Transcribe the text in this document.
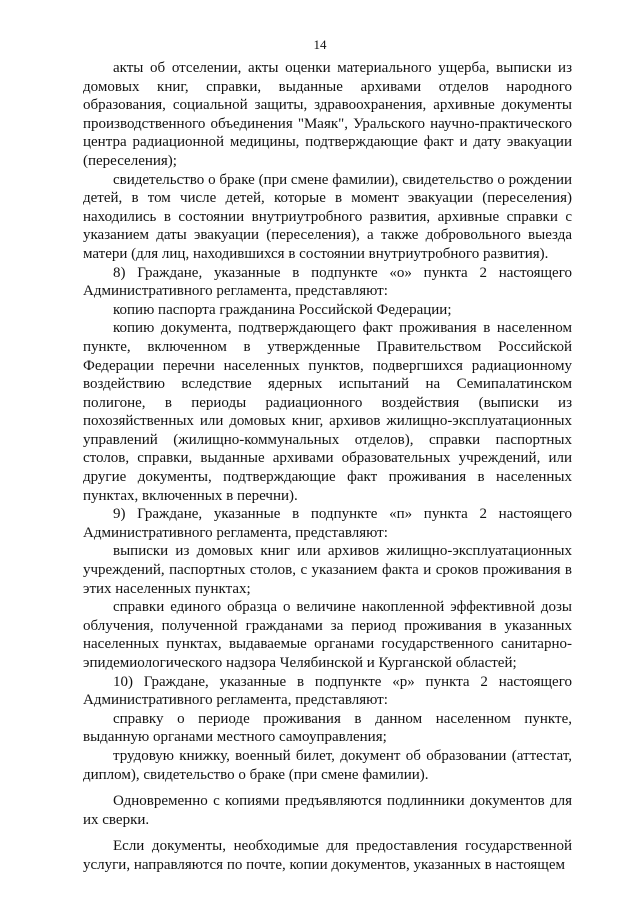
14

акты об отселении, акты оценки материального ущерба, выписки из домовых книг, справки, выданные архивами отделов народного образования, социальной защиты, здравоохранения, архивные документы производственного объединения "Маяк", Уральского научно-практического центра радиационной медицины, подтверждающие факт и дату эвакуации (переселения);

свидетельство о браке (при смене фамилии), свидетельство о рождении детей, в том числе детей, которые в момент эвакуации (переселения) находились в состоянии внутриутробного развития, архивные справки с указанием даты эвакуации (переселения), а также добровольного выезда матери (для лиц, находившихся в состоянии внутриутробного развития).

8) Граждане, указанные в подпункте «о» пункта 2 настоящего Административного регламента, представляют:

копию паспорта гражданина Российской Федерации;

копию документа, подтверждающего факт проживания в населенном пункте, включенном в утвержденные Правительством Российской Федерации перечни населенных пунктов, подвергшихся радиационному воздействию вследствие ядерных испытаний на Семипалатинском полигоне, в периоды радиационного воздействия (выписки из похозяйственных или домовых книг, архивов жилищно-эксплуатационных управлений (жилищно-коммунальных отделов), справки паспортных столов, справки, выданные архивами образовательных учреждений, или другие документы, подтверждающие факт проживания в населенных пунктах, включенных в перечни).

9) Граждане, указанные в подпункте «п» пункта 2 настоящего Административного регламента, представляют:

выписки из домовых книг или архивов жилищно-эксплуатационных учреждений, паспортных столов, с указанием факта и сроков проживания в этих населенных пунктах;

справки единого образца о величине накопленной эффективной дозы облучения, полученной гражданами за период проживания в указанных населенных пунктах, выдаваемые органами государственного санитарно-эпидемиологического надзора Челябинской и Курганской областей;

10) Граждане, указанные в подпункте «р» пункта 2 настоящего Административного регламента, представляют:

справку о периоде проживания в данном населенном пункте, выданную органами местного самоуправления;

трудовую книжку, военный билет, документ об образовании (аттестат, диплом), свидетельство о браке (при смене фамилии).

Одновременно с копиями предъявляются подлинники документов для их сверки.

Если документы, необходимые для предоставления государственной услуги, направляются по почте, копии документов, указанных в настоящем
